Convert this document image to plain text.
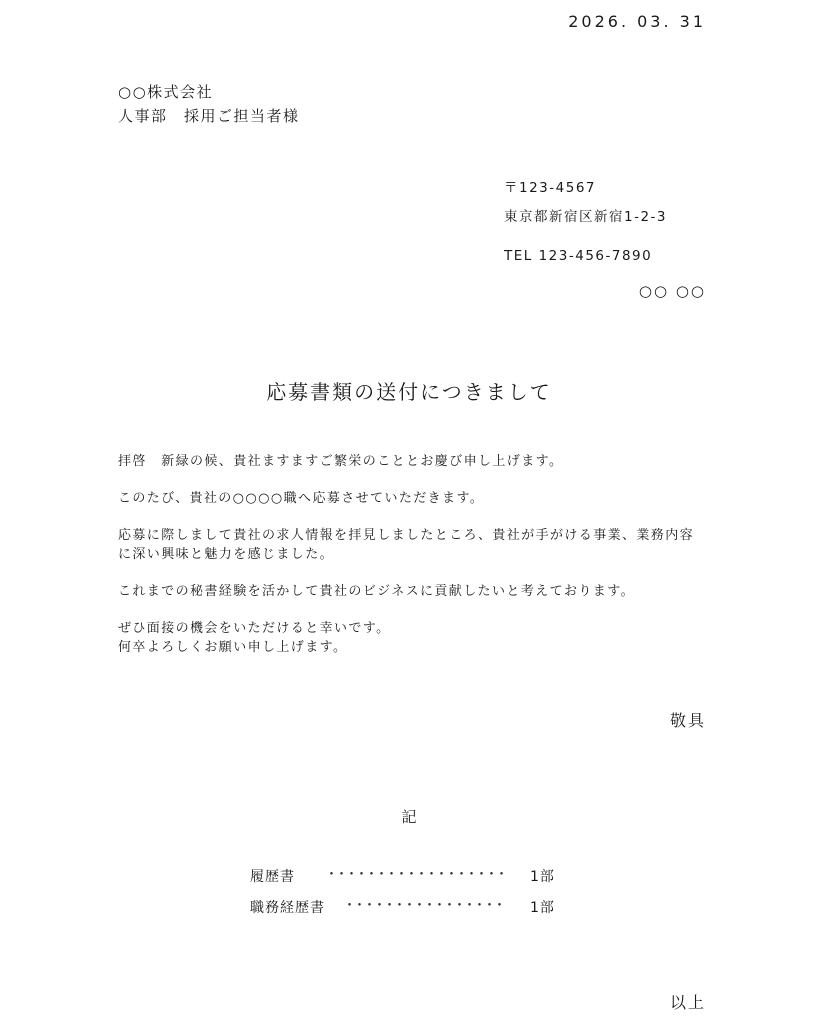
2026. 03. 31
○○株式会社
人事部　採用ご担当者様
〒123-4567
東京都新宿区新宿1-2-3
TEL 123-456-7890
○○ ○○
応募書類の送付につきまして

拝啓　新緑の候、貴社ますますご繁栄のこととお慶び申し上げます。

このたび、貴社の○○○○職へ応募させていただきます。

応募に際しまして貴社の求人情報を拝見しましたところ、貴社が手がける事業、業務内容に深い興味と魅力を感じました。

これまでの秘書経験を活かして貴社のビジネスに貢献したいと考えております。

ぜひ面接の機会をいただけると幸いです。
何卒よろしくお願い申し上げます。

敬具
記
履歴書 ･･････････････････ 1部
職務経歴書 ････････････････ 1部
以上
